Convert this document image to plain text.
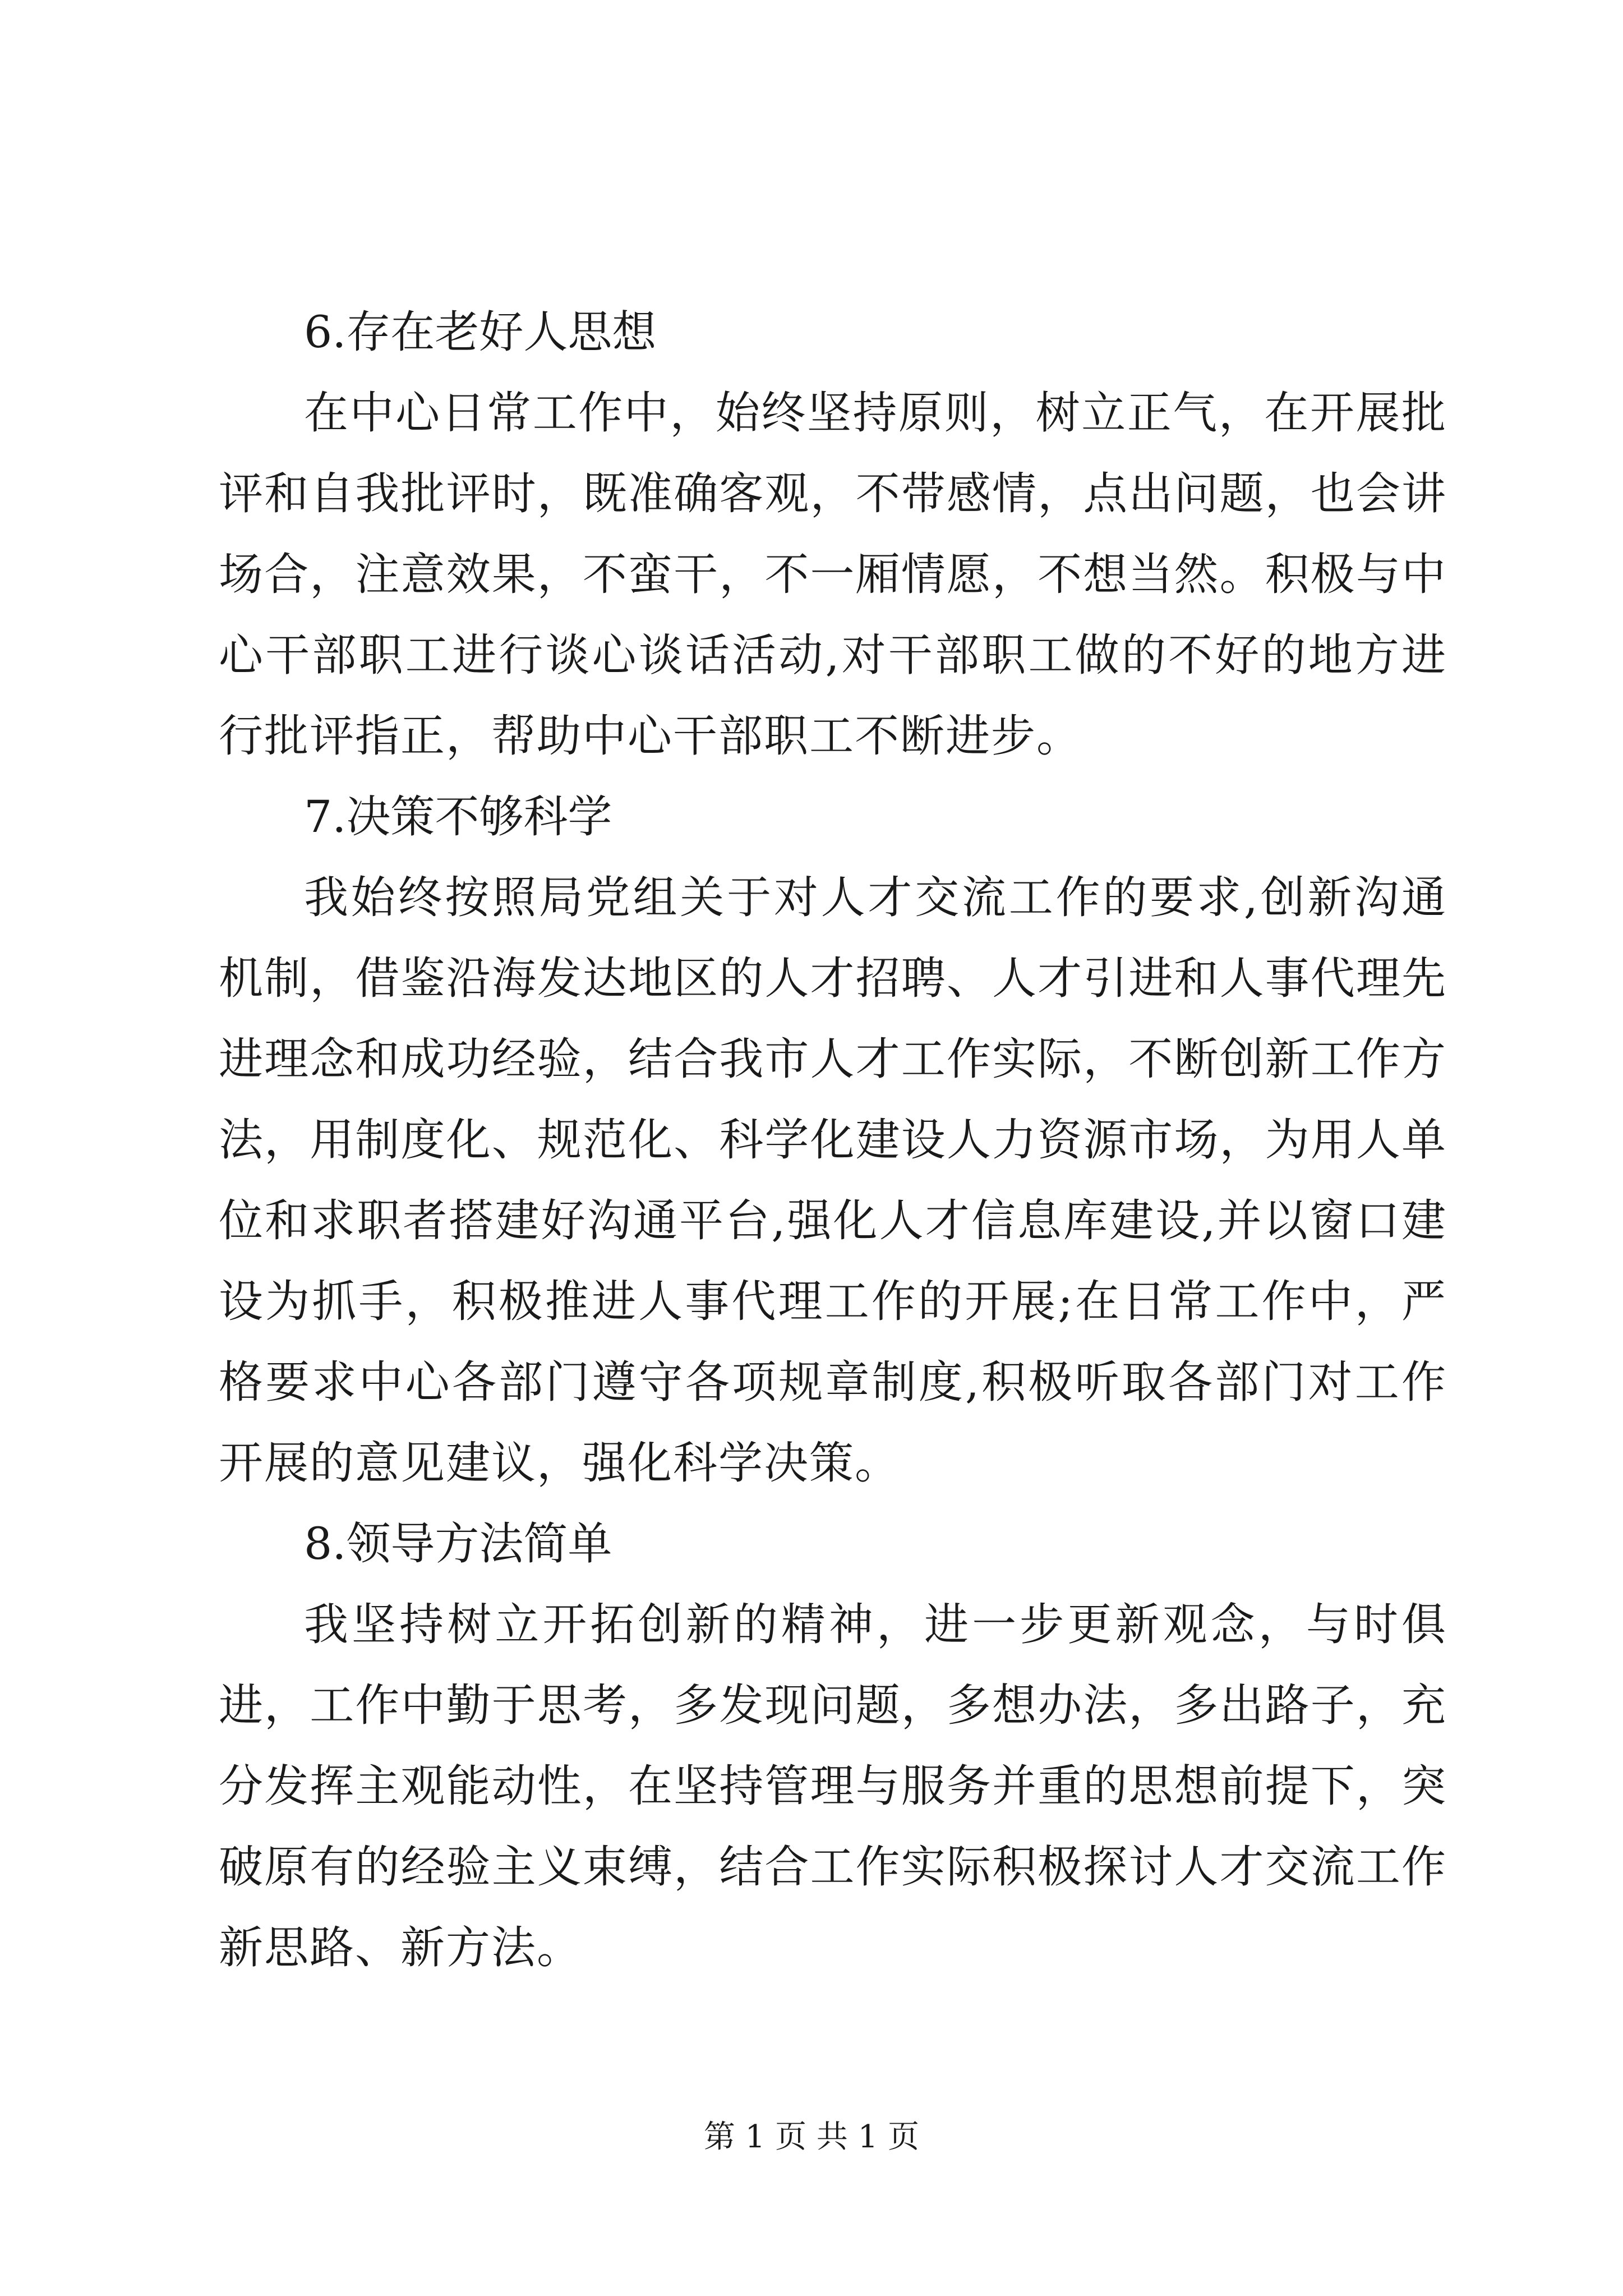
6.存在老好人思想

在中心日常工作中，始终坚持原则，树立正气，在开展批评和自我批评时，既准确客观，不带感情，点出问题，也会讲场合，注意效果，不蛮干，不一厢情愿，不想当然。积极与中心干部职工进行谈心谈话活动,对干部职工做的不好的地方进行批评指正，帮助中心干部职工不断进步。

7.决策不够科学

我始终按照局党组关于对人才交流工作的要求,创新沟通机制，借鉴沿海发达地区的人才招聘、人才引进和人事代理先进理念和成功经验，结合我市人才工作实际，不断创新工作方法，用制度化、规范化、科学化建设人力资源市场，为用人单位和求职者搭建好沟通平台,强化人才信息库建设,并以窗口建设为抓手，积极推进人事代理工作的开展;在日常工作中，严格要求中心各部门遵守各项规章制度,积极听取各部门对工作开展的意见建议，强化科学决策。

8.领导方法简单

我坚持树立开拓创新的精神，进一步更新观念，与时俱进，工作中勤于思考，多发现问题，多想办法，多出路子，充分发挥主观能动性，在坚持管理与服务并重的思想前提下，突破原有的经验主义束缚，结合工作实际积极探讨人才交流工作新思路、新方法。

第 1 页 共 1 页
